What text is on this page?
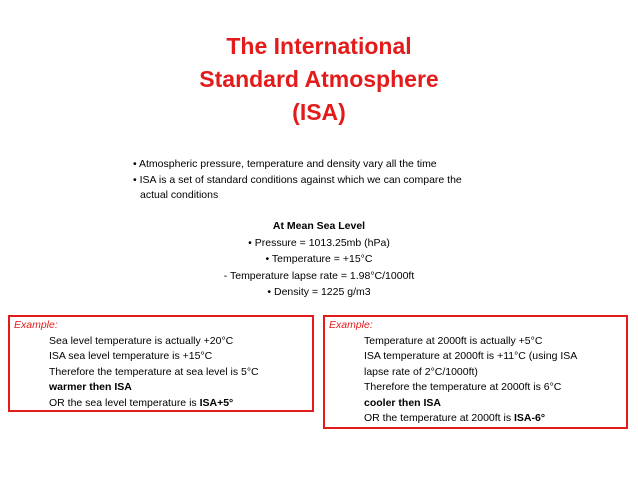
The International
Standard Atmosphere
(ISA)
• Atmospheric pressure, temperature and density vary all the time
• ISA is a set of standard conditions against which we can compare the
actual conditions
At Mean Sea Level
• Pressure = 1013.25mb (hPa)
• Temperature = +15°C
- Temperature lapse rate = 1.98°C/1000ft
• Density = 1225 g/m3
Example:
Sea level temperature is actually +20°C
ISA sea level temperature is +15°C
Therefore the temperature at sea level is 5°C
warmer then ISA
OR the sea level temperature is ISA+5°
Example:
Temperature at 2000ft is actually +5°C
ISA temperature at 2000ft is +11°C (using ISA
lapse rate of 2°C/1000ft)
Therefore the temperature at 2000ft is 6°C
cooler then ISA
OR the temperature at 2000ft is ISA-6°
